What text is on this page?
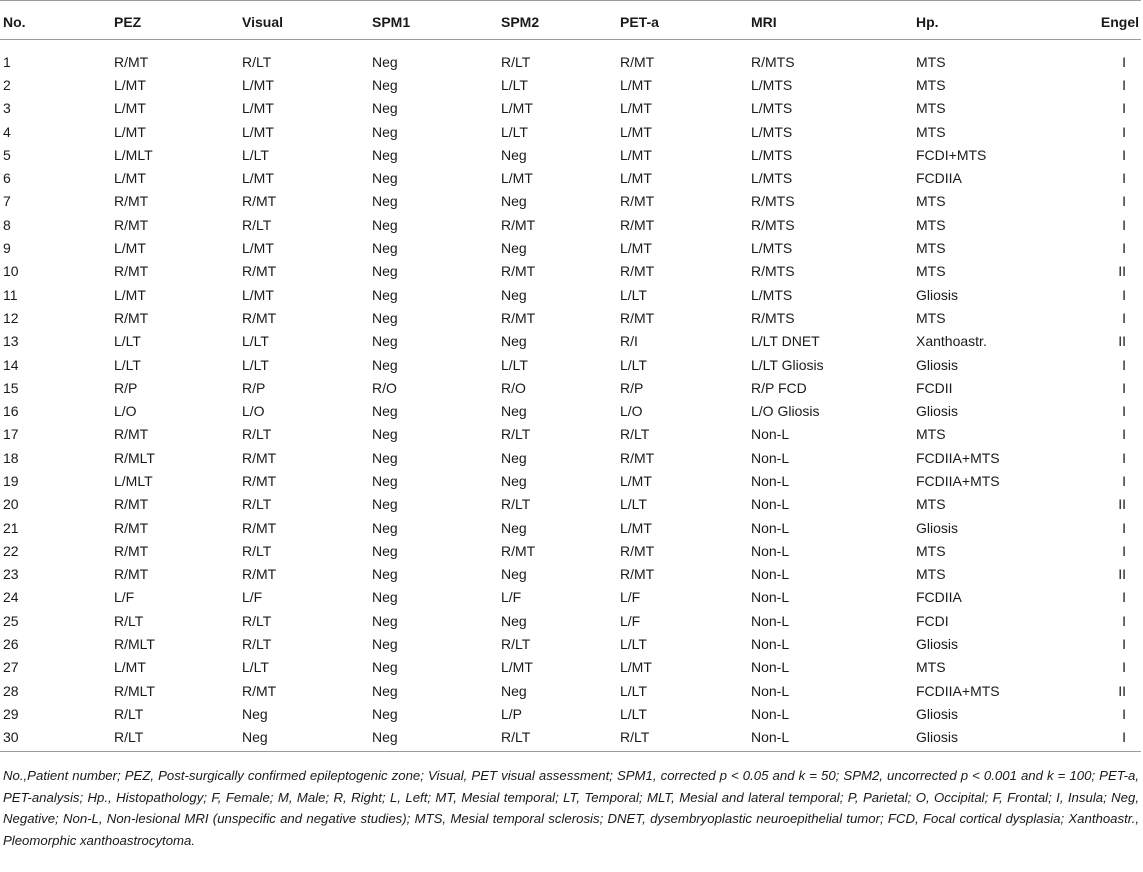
No.	PEZ	Visual	SPM1	SPM2	PET-a	MRI	Hp.	Engel
1	R/MT	R/LT	Neg	R/LT	R/MT	R/MTS	MTS	I
2	L/MT	L/MT	Neg	L/LT	L/MT	L/MTS	MTS	I
3	L/MT	L/MT	Neg	L/MT	L/MT	L/MTS	MTS	I
4	L/MT	L/MT	Neg	L/LT	L/MT	L/MTS	MTS	I
5	L/MLT	L/LT	Neg	Neg	L/MT	L/MTS	FCDI+MTS	I
6	L/MT	L/MT	Neg	L/MT	L/MT	L/MTS	FCDIIA	I
7	R/MT	R/MT	Neg	Neg	R/MT	R/MTS	MTS	I
8	R/MT	R/LT	Neg	R/MT	R/MT	R/MTS	MTS	I
9	L/MT	L/MT	Neg	Neg	L/MT	L/MTS	MTS	I
10	R/MT	R/MT	Neg	R/MT	R/MT	R/MTS	MTS	II
11	L/MT	L/MT	Neg	Neg	L/LT	L/MTS	Gliosis	I
12	R/MT	R/MT	Neg	R/MT	R/MT	R/MTS	MTS	I
13	L/LT	L/LT	Neg	Neg	R/I	L/LT DNET	Xanthoastr.	II
14	L/LT	L/LT	Neg	L/LT	L/LT	L/LT Gliosis	Gliosis	I
15	R/P	R/P	R/O	R/O	R/P	R/P FCD	FCDII	I
16	L/O	L/O	Neg	Neg	L/O	L/O Gliosis	Gliosis	I
17	R/MT	R/LT	Neg	R/LT	R/LT	Non-L	MTS	I
18	R/MLT	R/MT	Neg	Neg	R/MT	Non-L	FCDIIA+MTS	I
19	L/MLT	R/MT	Neg	Neg	L/MT	Non-L	FCDIIA+MTS	I
20	R/MT	R/LT	Neg	R/LT	L/LT	Non-L	MTS	II
21	R/MT	R/MT	Neg	Neg	L/MT	Non-L	Gliosis	I
22	R/MT	R/LT	Neg	R/MT	R/MT	Non-L	MTS	I
23	R/MT	R/MT	Neg	Neg	R/MT	Non-L	MTS	II
24	L/F	L/F	Neg	L/F	L/F	Non-L	FCDIIA	I
25	R/LT	R/LT	Neg	Neg	L/F	Non-L	FCDI	I
26	R/MLT	R/LT	Neg	R/LT	L/LT	Non-L	Gliosis	I
27	L/MT	L/LT	Neg	L/MT	L/MT	Non-L	MTS	I
28	R/MLT	R/MT	Neg	Neg	L/LT	Non-L	FCDIIA+MTS	II
29	R/LT	Neg	Neg	L/P	L/LT	Non-L	Gliosis	I
30	R/LT	Neg	Neg	R/LT	R/LT	Non-L	Gliosis	I

No.,Patient number; PEZ, Post-surgically confirmed epileptogenic zone; Visual, PET visual assessment; SPM1, corrected p < 0.05 and k = 50; SPM2, uncorrected p < 0.001 and k = 100; PET-a, PET-analysis; Hp., Histopathology; F, Female; M, Male; R, Right; L, Left; MT, Mesial temporal; LT, Temporal; MLT, Mesial and lateral temporal; P, Parietal; O, Occipital; F, Frontal; I, Insula; Neg, Negative; Non-L, Non-lesional MRI (unspecific and negative studies); MTS, Mesial temporal sclerosis; DNET, dysembryoplastic neuroepithelial tumor; FCD, Focal cortical dysplasia; Xanthoastr., Pleomorphic xanthoastrocytoma.
